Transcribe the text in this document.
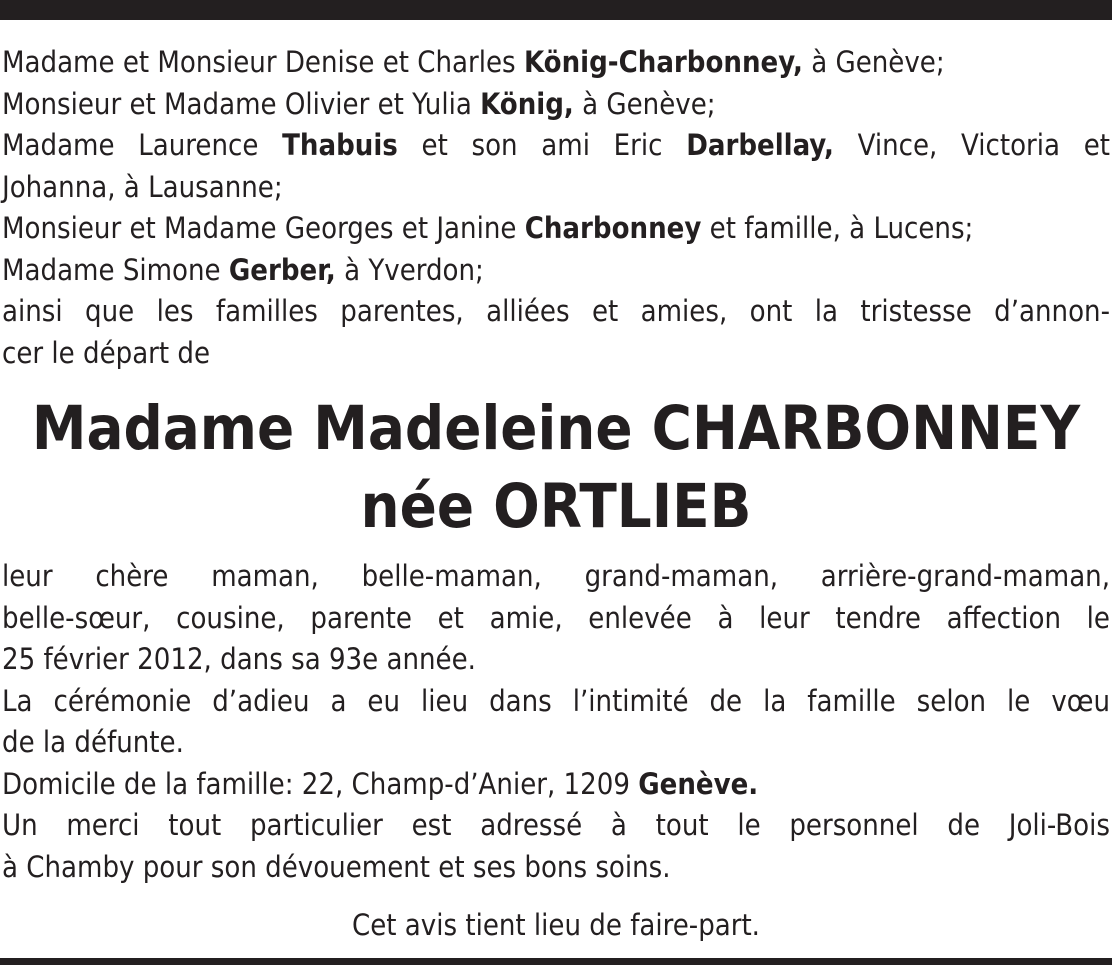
Madame et Monsieur Denise et Charles König-Charbonney, à Genève;
Monsieur et Madame Olivier et Yulia König, à Genève;
Madame Laurence Thabuis et son ami Eric Darbellay, Vince, Victoria et
Johanna, à Lausanne;
Monsieur et Madame Georges et Janine Charbonney et famille, à Lucens;
Madame Simone Gerber, à Yverdon;
ainsi que les familles parentes, alliées et amies, ont la tristesse d’annon-
cer le départ de
Madame Madeleine CHARBONNEY
née ORTLIEB
leur chère maman, belle-maman, grand-maman, arrière-grand-maman,
belle-sœur, cousine, parente et amie, enlevée à leur tendre affection le
25 février 2012, dans sa 93e année.
La cérémonie d’adieu a eu lieu dans l’intimité de la famille selon le vœu
de la défunte.
Domicile de la famille: 22, Champ-d’Anier, 1209 Genève.
Un merci tout particulier est adressé à tout le personnel de Joli-Bois
à Chamby pour son dévouement et ses bons soins.
Cet avis tient lieu de faire-part.
